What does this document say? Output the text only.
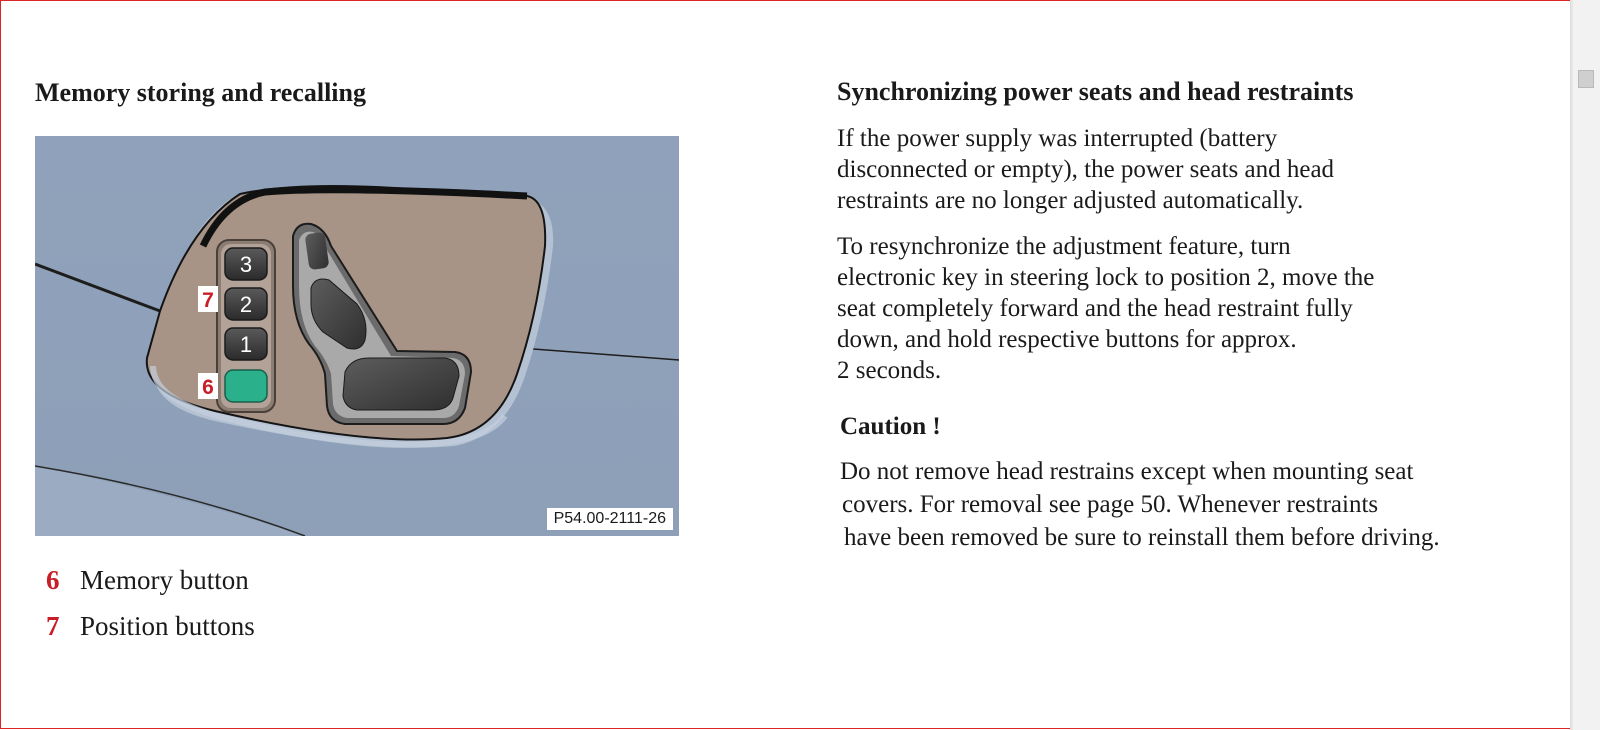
Memory storing and recalling
3
2
1
7
6
P54.00-2111-26
6 Memory button
7 Position buttons
Synchronizing power seats and head restraints

If the power supply was interrupted (battery
disconnected or empty), the power seats and head
restraints are no longer adjusted automatically.

To resynchronize the adjustment feature, turn
electronic key in steering lock to position 2, move the
seat completely forward and the head restraint fully
down, and hold respective buttons for approx.
2 seconds.

Caution !

Do not remove head restrains except when mounting seat
covers. For removal see page 50. Whenever restraints
have been removed be sure to reinstall them before driving.
